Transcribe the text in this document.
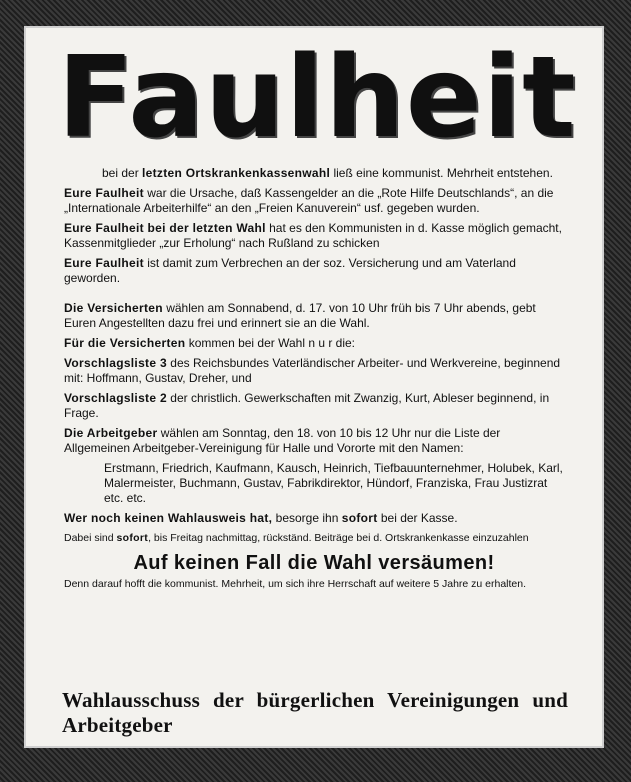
Faulheit

bei der letzten Ortskrankenkassenwahl ließ eine kommunist. Mehrheit entstehen.

Eure Faulheit war die Ursache, daß Kassengelder an die „Rote Hilfe Deutschlands“, an die „Internationale Arbeiterhilfe“ an den „Freien Kanuverein“ usf. gegeben wurden.

Eure Faulheit bei der letzten Wahl hat es den Kommunisten in d. Kasse möglich gemacht, Kassenmitglieder „zur Erholung“ nach Rußland zu schicken

Eure Faulheit ist damit zum Verbrechen an der soz. Versicherung und am Vaterland geworden.

Die Versicherten wählen am Sonnabend, d. 17. von 10 Uhr früh bis 7 Uhr abends, gebt Euren Angestellten dazu frei und erinnert sie an die Wahl.

Für die Versicherten kommen bei der Wahl n u r die:

Vorschlagsliste 3 des Reichsbundes Vaterländischer Arbeiter- und Werkvereine, beginnend mit: Hoffmann, Gustav, Dreher, und

Vorschlagsliste 2 der christlich. Gewerkschaften mit Zwanzig, Kurt, Ableser beginnend, in Frage.

Die Arbeitgeber wählen am Sonntag, den 18. von 10 bis 12 Uhr nur die Liste der Allgemeinen Arbeitgeber-Vereinigung für Halle und Vororte mit den Namen:

Erstmann, Friedrich, Kaufmann, Kausch, Heinrich, Tiefbauunternehmer, Holubek, Karl, Malermeister, Buchmann, Gustav, Fabrikdirektor, Hündorf, Franziska, Frau Justizrat etc. etc.

Wer noch keinen Wahlausweis hat, besorge ihn sofort bei der Kasse.

Dabei sind sofort, bis Freitag nachmittag, rückständ. Beiträge bei d. Ortskrankenkasse einzuzahlen

Auf keinen Fall die Wahl versäumen!

Denn darauf hofft die kommunist. Mehrheit, um sich ihre Herrschaft auf weitere 5 Jahre zu erhalten.

Wahlausschuss der bürgerlichen Vereinigungen und Arbeitgeber
